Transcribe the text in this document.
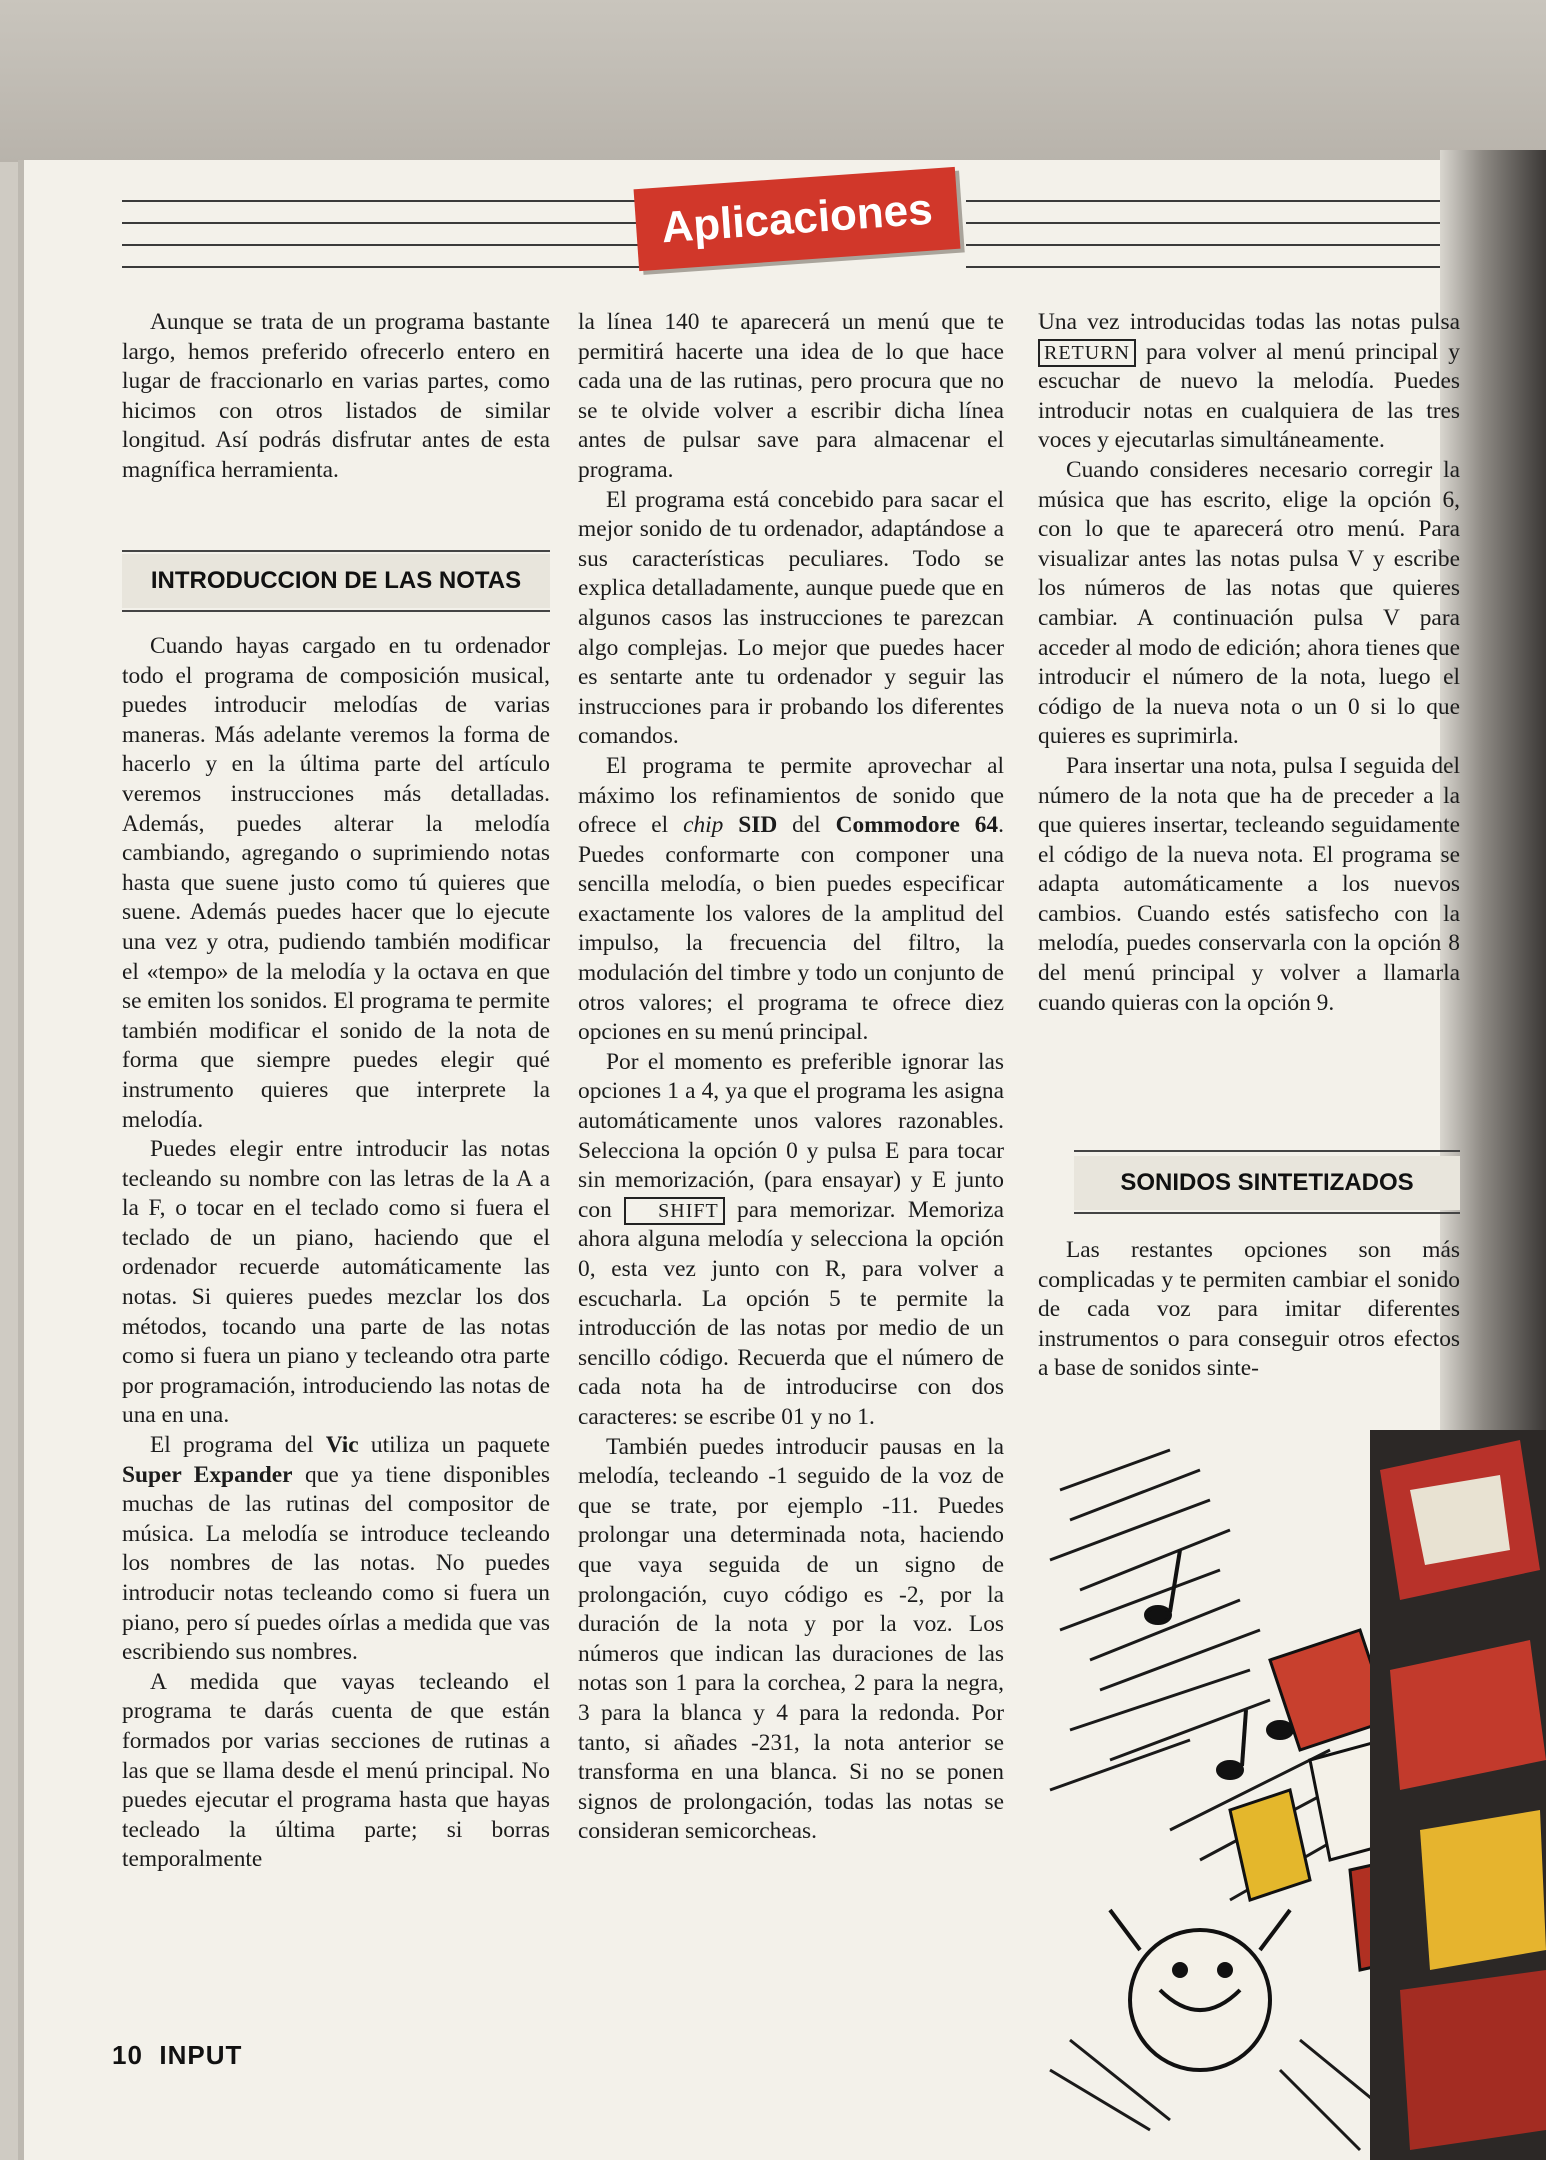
Aplicaciones

Aunque se trata de un programa bastante largo, hemos preferido ofrecerlo entero en lugar de fraccionarlo en varias partes, como hicimos con otros listados de similar longitud. Así podrás disfrutar antes de esta magnífica herramienta.

INTRODUCCION DE LAS NOTAS

Cuando hayas cargado en tu ordenador todo el programa de composición musical, puedes introducir melodías de varias maneras. Más adelante veremos la forma de hacerlo y en la última parte del artículo veremos instrucciones más detalladas. Además, puedes alterar la melodía cambiando, agregando o suprimiendo notas hasta que suene justo como tú quieres que suene. Además puedes hacer que lo ejecute una vez y otra, pudiendo también modificar el «tempo» de la melodía y la octava en que se emiten los sonidos. El programa te permite también modificar el sonido de la nota de forma que siempre puedes elegir qué instrumento quieres que interprete la melodía.

Puedes elegir entre introducir las notas tecleando su nombre con las letras de la A a la F, o tocar en el teclado como si fuera el teclado de un piano, haciendo que el ordenador recuerde automáticamente las notas. Si quieres puedes mezclar los dos métodos, tocando una parte de las notas como si fuera un piano y tecleando otra parte por programación, introduciendo las notas de una en una.

El programa del Vic utiliza un paquete Super Expander que ya tiene disponibles muchas de las rutinas del compositor de música. La melodía se introduce tecleando los nombres de las notas. No puedes introducir notas tecleando como si fuera un piano, pero sí puedes oírlas a medida que vas escribiendo sus nombres.

A medida que vayas tecleando el programa te darás cuenta de que están formados por varias secciones de rutinas a las que se llama desde el menú principal. No puedes ejecutar el programa hasta que hayas tecleado la última parte; si borras temporalmente

la línea 140 te aparecerá un menú que te permitirá hacerte una idea de lo que hace cada una de las rutinas, pero procura que no se te olvide volver a escribir dicha línea antes de pulsar save para almacenar el programa.

El programa está concebido para sacar el mejor sonido de tu ordenador, adaptándose a sus características peculiares. Todo se explica detalladamente, aunque puede que en algunos casos las instrucciones te parezcan algo complejas. Lo mejor que puedes hacer es sentarte ante tu ordenador y seguir las instrucciones para ir probando los diferentes comandos.

El programa te permite aprovechar al máximo los refinamientos de sonido que ofrece el chip SID del Commodore 64. Puedes conformarte con componer una sencilla melodía, o bien puedes especificar exactamente los valores de la amplitud del impulso, la frecuencia del filtro, la modulación del timbre y todo un conjunto de otros valores; el programa te ofrece diez opciones en su menú principal.

Por el momento es preferible ignorar las opciones 1 a 4, ya que el programa les asigna automáticamente unos valores razonables. Selecciona la opción 0 y pulsa E para tocar sin memorización, (para ensayar) y E junto con SHIFT para memorizar. Memoriza ahora alguna melodía y selecciona la opción 0, esta vez junto con R, para volver a escucharla. La opción 5 te permite la introducción de las notas por medio de un sencillo código. Recuerda que el número de cada nota ha de introducirse con dos caracteres: se escribe 01 y no 1.

También puedes introducir pausas en la melodía, tecleando -1 seguido de la voz de que se trate, por ejemplo -11. Puedes prolongar una determinada nota, haciendo que vaya seguida de un signo de prolongación, cuyo código es -2, por la duración de la nota y por la voz. Los números que indican las duraciones de las notas son 1 para la corchea, 2 para la negra, 3 para la blanca y 4 para la redonda. Por tanto, si añades -231, la nota anterior se transforma en una blanca. Si no se ponen signos de prolongación, todas las notas se consideran semicorcheas.

Una vez introducidas todas las notas pulsa RETURN para volver al menú principal y escuchar de nuevo la melodía. Puedes introducir notas en cualquiera de las tres voces y ejecutarlas simultáneamente.

Cuando consideres necesario corregir la música que has escrito, elige la opción 6, con lo que te aparecerá otro menú. Para visualizar antes las notas pulsa V y escribe los números de las notas que quieres cambiar. A continuación pulsa V para acceder al modo de edición; ahora tienes que introducir el número de la nota, luego el código de la nueva nota o un 0 si lo que quieres es suprimirla.

Para insertar una nota, pulsa I seguida del número de la nota que ha de preceder a la que quieres insertar, tecleando seguidamente el código de la nueva nota. El programa se adapta automáticamente a los nuevos cambios. Cuando estés satisfecho con la melodía, puedes conservarla con la opción 8 del menú principal y volver a llamarla cuando quieras con la opción 9.

SONIDOS SINTETIZADOS

Las restantes opciones son más complicadas y te permiten cambiar el sonido de cada voz para imitar diferentes instrumentos o para conseguir otros efectos a base de sonidos sinte-

10 INPUT
